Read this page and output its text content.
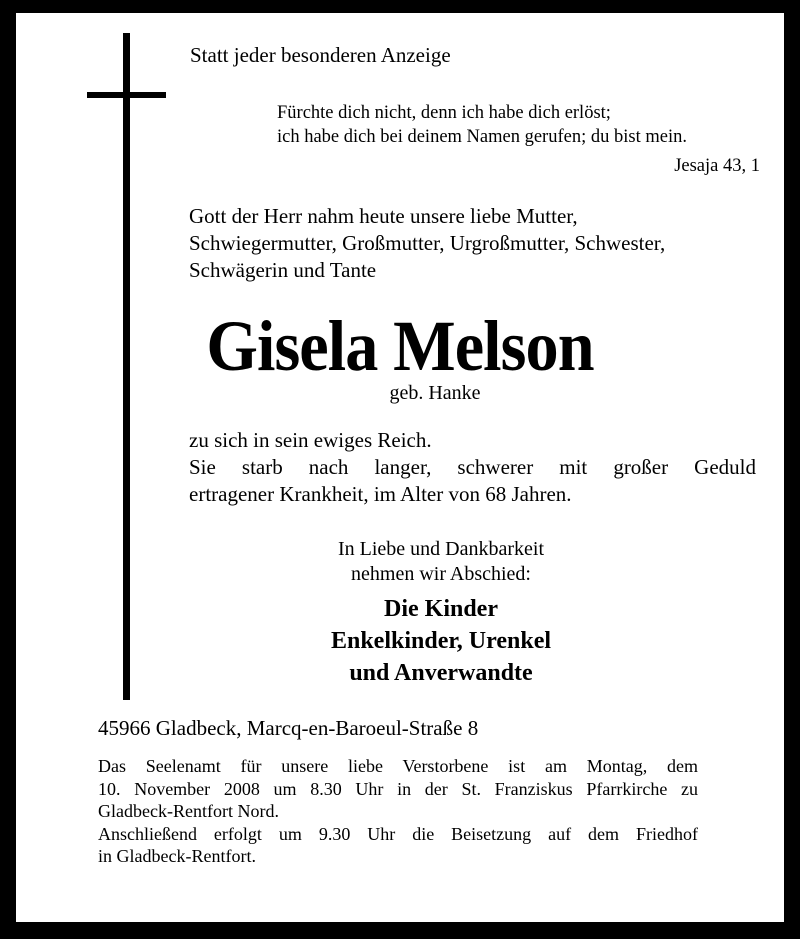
Statt jeder besonderen Anzeige
Fürchte dich nicht, denn ich habe dich erlöst;
ich habe dich bei deinem Namen gerufen; du bist mein.
Jesaja 43, 1
Gott der Herr nahm heute unsere liebe Mutter,
Schwiegermutter, Großmutter, Urgroßmutter, Schwester,
Schwägerin und Tante
Gisela Melson
geb. Hanke
zu sich in sein ewiges Reich.
Sie starb nach langer, schwerer mit großer Geduld
ertragener Krankheit, im Alter von 68 Jahren.
In Liebe und Dankbarkeit
nehmen wir Abschied:
Die Kinder
Enkelkinder, Urenkel
und Anverwandte
45966 Gladbeck, Marcq-en-Baroeul-Straße 8
Das Seelenamt für unsere liebe Verstorbene ist am Montag, dem
10. November 2008 um 8.30 Uhr in der St. Franziskus Pfarrkirche zu
Gladbeck-Rentfort Nord.
Anschließend erfolgt um 9.30 Uhr die Beisetzung auf dem Friedhof
in Gladbeck-Rentfort.
